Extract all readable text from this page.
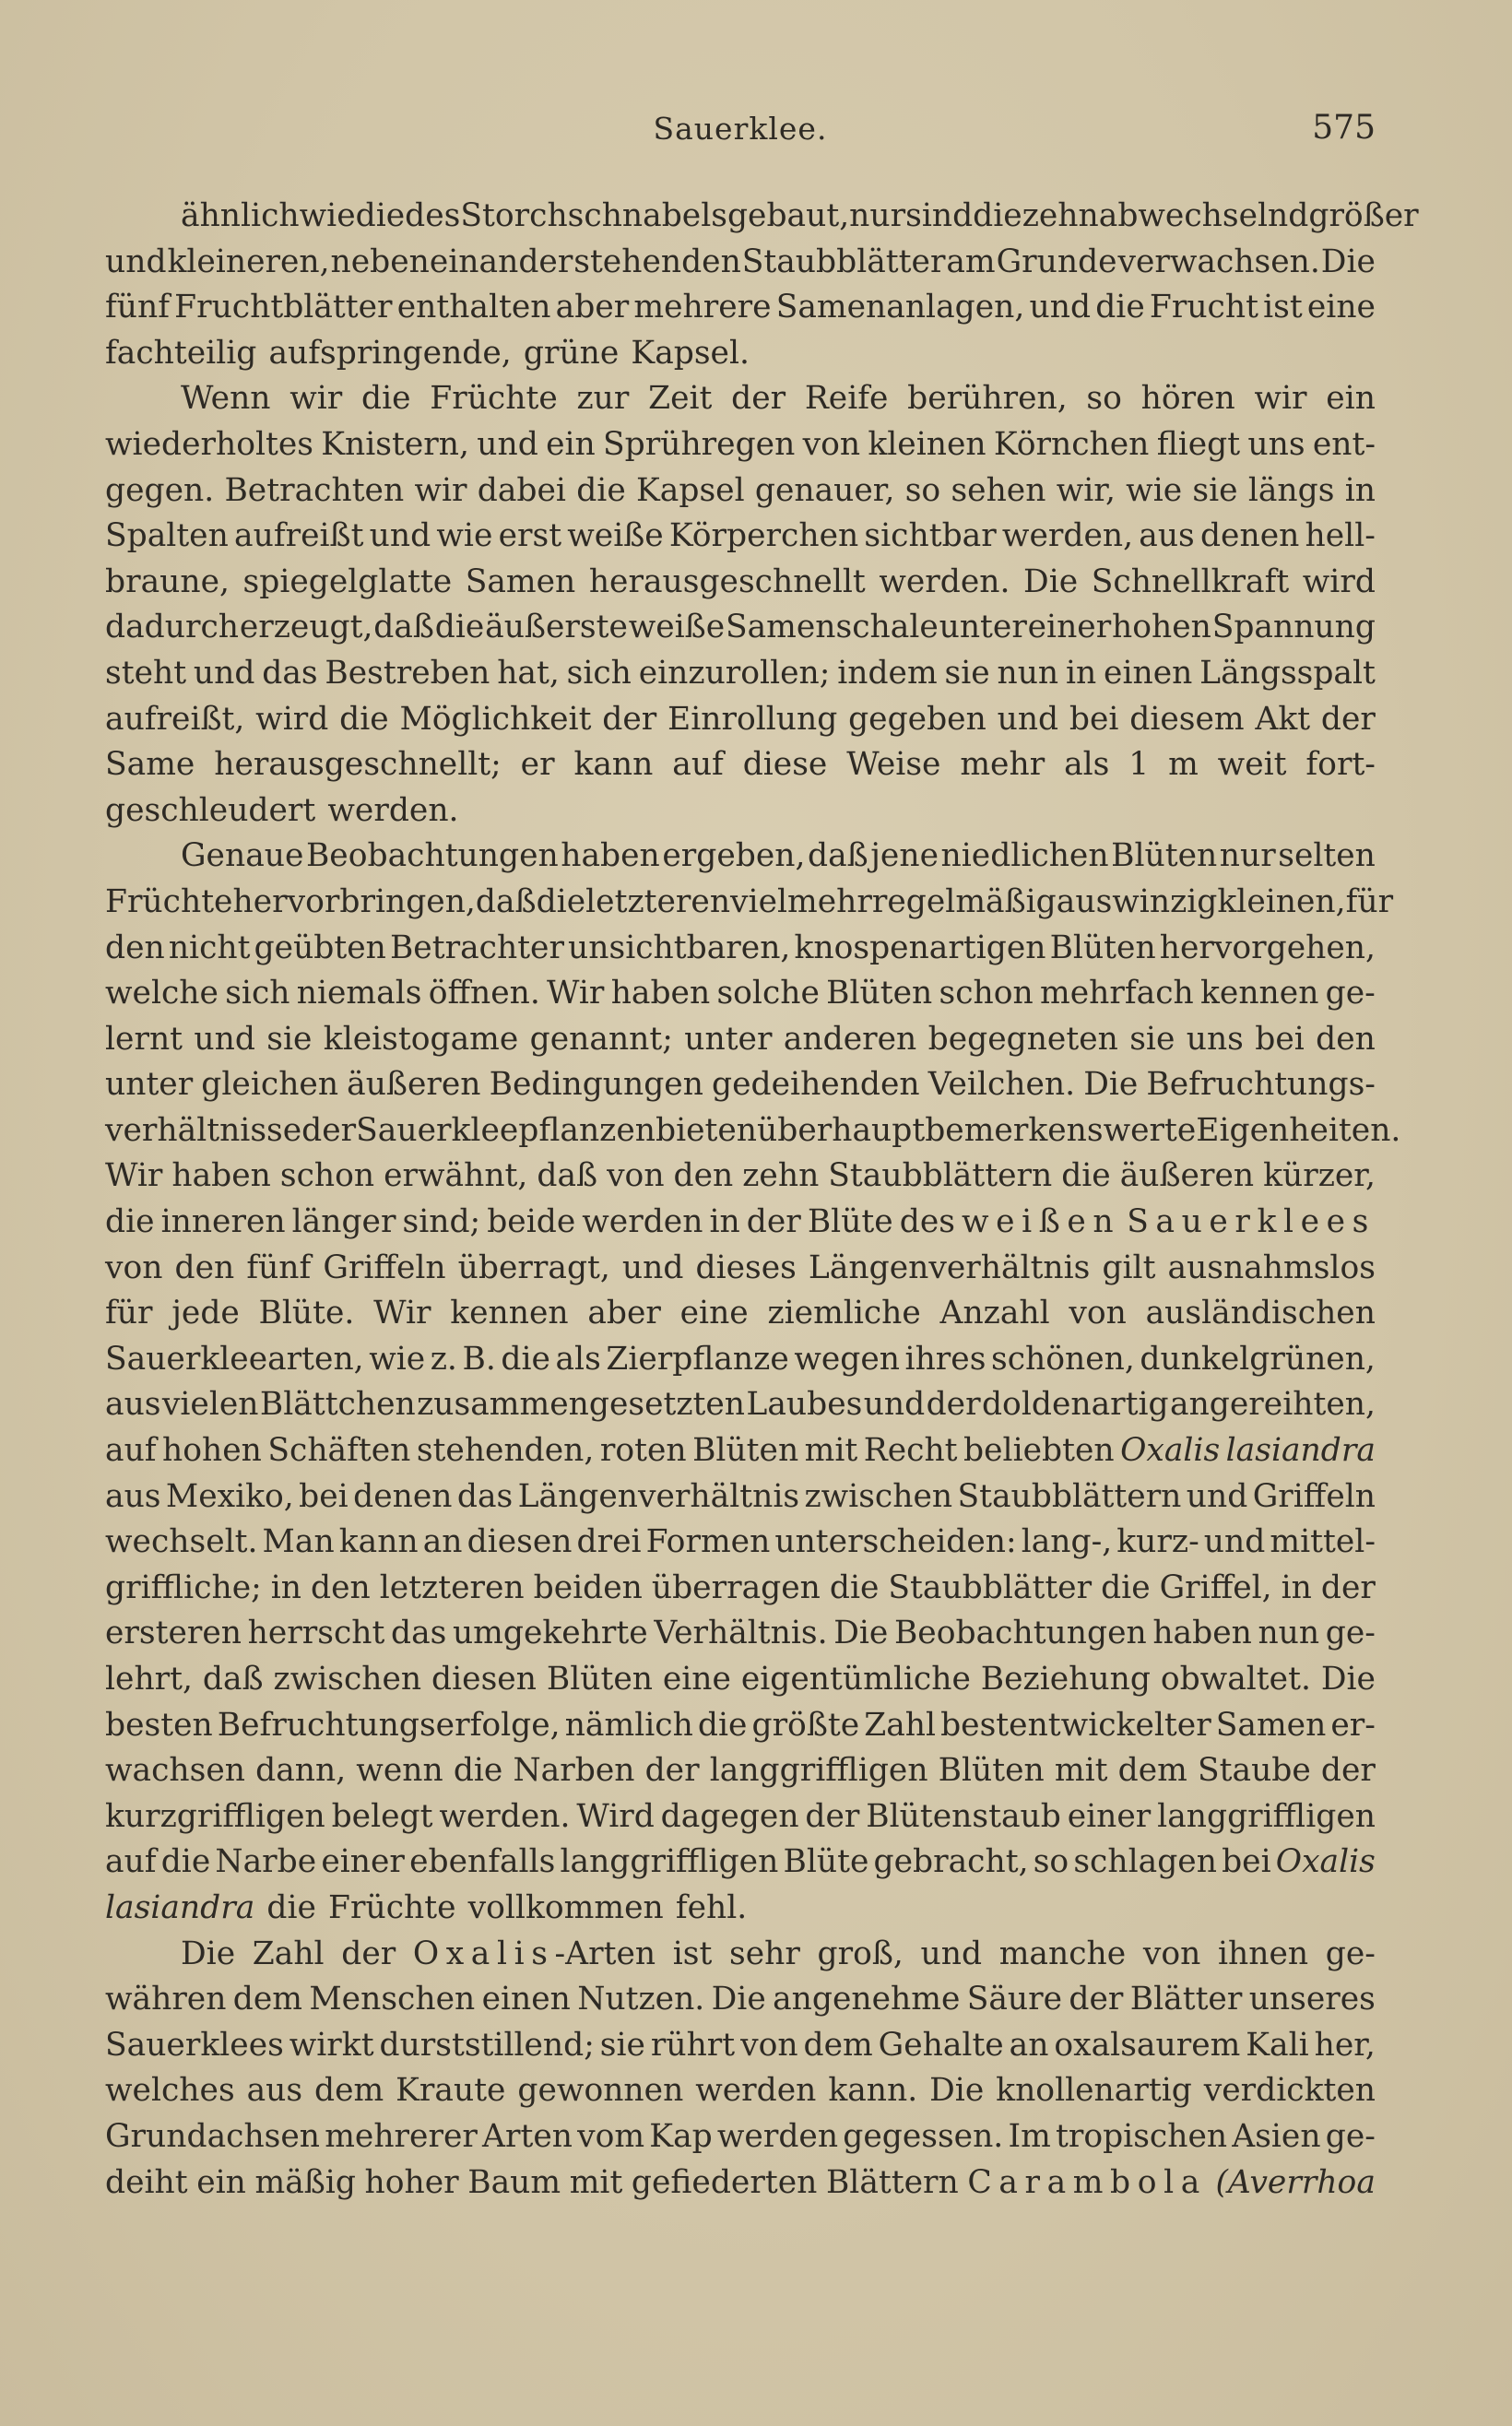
Sauerklee.	575
ähnlich wie die des Storchschnabels gebaut, nur sind die zehn abwechselnd größer
und kleineren, nebeneinander stehenden Staubblätter am Grunde verwachsen. Die
fünf Fruchtblätter enthalten aber mehrere Samenanlagen, und die Frucht ist eine
fachteilig aufspringende, grüne Kapsel.
Wenn wir die Früchte zur Zeit der Reife berühren, so hören wir ein
wiederholtes Knistern, und ein Sprühregen von kleinen Körnchen fliegt uns ent-
gegen. Betrachten wir dabei die Kapsel genauer, so sehen wir, wie sie längs in
Spalten aufreißt und wie erst weiße Körperchen sichtbar werden, aus denen hell-
braune, spiegelglatte Samen herausgeschnellt werden. Die Schnellkraft wird
dadurch erzeugt, daß die äußerste weiße Samenschale unter einer hohen Spannung
steht und das Bestreben hat, sich einzurollen; indem sie nun in einen Längsspalt
aufreißt, wird die Möglichkeit der Einrollung gegeben und bei diesem Akt der
Same herausgeschnellt; er kann auf diese Weise mehr als 1 m weit fort-
geschleudert werden.
Genaue Beobachtungen haben ergeben, daß jene niedlichen Blüten nur selten
Früchte hervorbringen, daß die letzteren vielmehr regelmäßig aus winzig kleinen, für
den nicht geübten Betrachter unsichtbaren, knospenartigen Blüten hervorgehen,
welche sich niemals öffnen. Wir haben solche Blüten schon mehrfach kennen ge-
lernt und sie kleistogame genannt; unter anderen begegneten sie uns bei den
unter gleichen äußeren Bedingungen gedeihenden Veilchen. Die Befruchtungs-
verhältnisse der Sauerkleepflanzen bieten überhaupt bemerkenswerte Eigenheiten.
Wir haben schon erwähnt, daß von den zehn Staubblättern die äußeren kürzer,
die inneren länger sind; beide werden in der Blüte des weißen Sauerklees
von den fünf Griffeln überragt, und dieses Längenverhältnis gilt ausnahmslos
für jede Blüte. Wir kennen aber eine ziemliche Anzahl von ausländischen
Sauerkleearten, wie z. B. die als Zierpflanze wegen ihres schönen, dunkelgrünen,
aus vielen Blättchen zusammengesetzten Laubes und der doldenartig angereihten,
auf hohen Schäften stehenden, roten Blüten mit Recht beliebten Oxalis lasiandra
aus Mexiko, bei denen das Längenverhältnis zwischen Staubblättern und Griffeln
wechselt. Man kann an diesen drei Formen unterscheiden: lang-, kurz- und mittel-
griffliche; in den letzteren beiden überragen die Staubblätter die Griffel, in der
ersteren herrscht das umgekehrte Verhältnis. Die Beobachtungen haben nun ge-
lehrt, daß zwischen diesen Blüten eine eigentümliche Beziehung obwaltet. Die
besten Befruchtungserfolge, nämlich die größte Zahl bestentwickelter Samen er-
wachsen dann, wenn die Narben der langgriffligen Blüten mit dem Staube der
kurzgriffligen belegt werden. Wird dagegen der Blütenstaub einer langgriffligen
auf die Narbe einer ebenfalls langgriffligen Blüte gebracht, so schlagen bei Oxalis
lasiandra die Früchte vollkommen fehl.
Die Zahl der Oxalis-Arten ist sehr groß, und manche von ihnen ge-
währen dem Menschen einen Nutzen. Die angenehme Säure der Blätter unseres
Sauerklees wirkt durststillend; sie rührt von dem Gehalte an oxalsaurem Kali her,
welches aus dem Kraute gewonnen werden kann. Die knollenartig verdickten
Grundachsen mehrerer Arten vom Kap werden gegessen. Im tropischen Asien ge-
deiht ein mäßig hoher Baum mit gefiederten Blättern Carambola (Averrhoa
